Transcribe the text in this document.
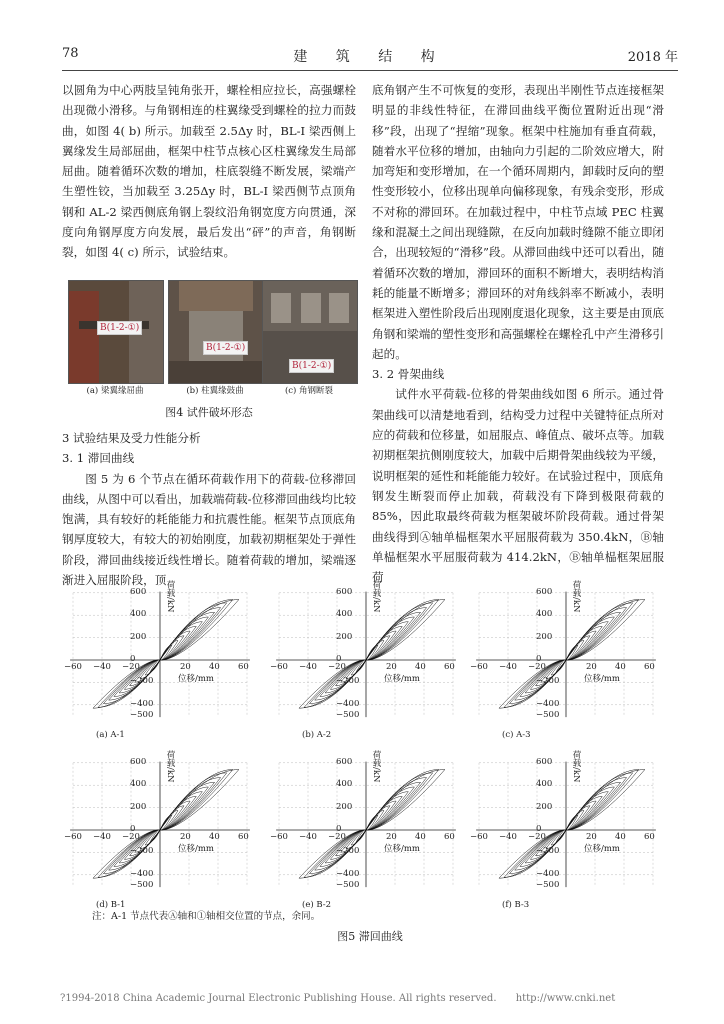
78	建 筑 结 构	2018 年

以圆角为中心两肢呈钝角张开，螺栓相应拉长，高强螺栓出现微小滑移。与角钢相连的柱翼缘受到螺栓的拉力而鼓曲，如图 4( b) 所示。加载至 2.5Δy 时，BL-I 梁西侧上翼缘发生局部屈曲，框架中柱节点核心区柱翼缘发生局部屈曲。随着循环次数的增加，柱底裂缝不断发展，梁端产生塑性铰，当加载至 3.25Δy 时，BL-I 梁西侧节点顶角钢和 AL-2 梁西侧底角钢上裂纹沿角钢宽度方向贯通，深度向角钢厚度方向发展，最后发出“砰”的声音，角钢断裂，如图 4( c) 所示，试验结束。

B(1-2-①)
B(1-2-①)
B(1-2-①)
(a) 梁翼缘屈曲	(b) 柱翼缘鼓曲	(c) 角钢断裂
图4 试件破坏形态

3 试验结果及受力性能分析

3. 1 滞回曲线

图 5 为 6 个节点在循环荷载作用下的荷载-位移滞回曲线，从图中可以看出，加载端荷载-位移滞回曲线均比较饱满，具有较好的耗能能力和抗震性能。框架节点顶底角钢厚度较大，有较大的初始刚度，加载初期框架处于弹性阶段，滞回曲线接近线性增长。随着荷载的增加，梁端逐渐进入屈服阶段，顶

底角钢产生不可恢复的变形，表现出半刚性节点连接框架明显的非线性特征，在滞回曲线平衡位置附近出现“滑移”段，出现了“捏缩”现象。框架中柱施加有垂直荷载，随着水平位移的增加，由轴向力引起的二阶效应增大，附加弯矩和变形增加，在一个循环周期内，卸载时反向的塑性变形较小，位移出现单向偏移现象，有残余变形，形成不对称的滞回环。在加载过程中，中柱节点域 PEC 柱翼缘和混凝土之间出现缝隙，在反向加载时缝隙不能立即闭合，出现较短的“滑移”段。从滞回曲线中还可以看出，随着循环次数的增加，滞回环的面积不断增大，表明结构消耗的能量不断增多；滞回环的对角线斜率不断减小，表明框架进入塑性阶段后出现刚度退化现象，这主要是由顶底角钢和梁端的塑性变形和高强螺栓在螺栓孔中产生滑移引起的。

3. 2 骨架曲线

试件水平荷载-位移的骨架曲线如图 6 所示。通过骨架曲线可以清楚地看到，结构受力过程中关键特征点所对应的荷载和位移量，如屈服点、峰值点、破坏点等。加载初期框架抗侧刚度较大，加载中后期骨架曲线较为平缓，说明框架的延性和耗能能力较好。在试验过程中，顶底角钢发生断裂而停止加载，荷载没有下降到极限荷载的 85%，因此取最终荷载为框架破坏阶段荷载。通过骨架曲线得到Ⓐ轴单榀框架水平屈服荷载为 350.4kN，Ⓑ轴单榀框架水平屈服荷载为 414.2kN，Ⓑ轴单榀框架屈服荷

600
400
200
0
−200
−400
−500
−60 −40 −20	20 40 60
荷载/kN
位移/mm
(a) A-1
600
400
200
0
−200
−400
−500
−60 −40 −20	20 40 60
荷载/kN
位移/mm
(b) A-2
600
400
200
0
−200
−400
−500
−60 −40 −20	20 40 60
荷载/kN
位移/mm
(c) A-3
600
400
200
0
−200
−400
−500
−60 −40 −20	20 40 60
荷载/kN
位移/mm
(d) B-1
600
400
200
0
−200
−400
−500
−60 −40 −20	20 40 60
荷载/kN
位移/mm
(e) B-2
600
400
200
0
−200
−400
−500
−60 −40 −20	20 40 60
荷载/kN
位移/mm
(f) B-3
注：A-1 节点代表Ⓐ轴和①轴相交位置的节点，余同。
图5 滞回曲线
?1994-2018 China Academic Journal Electronic Publishing House. All rights reserved. http://www.cnki.net
